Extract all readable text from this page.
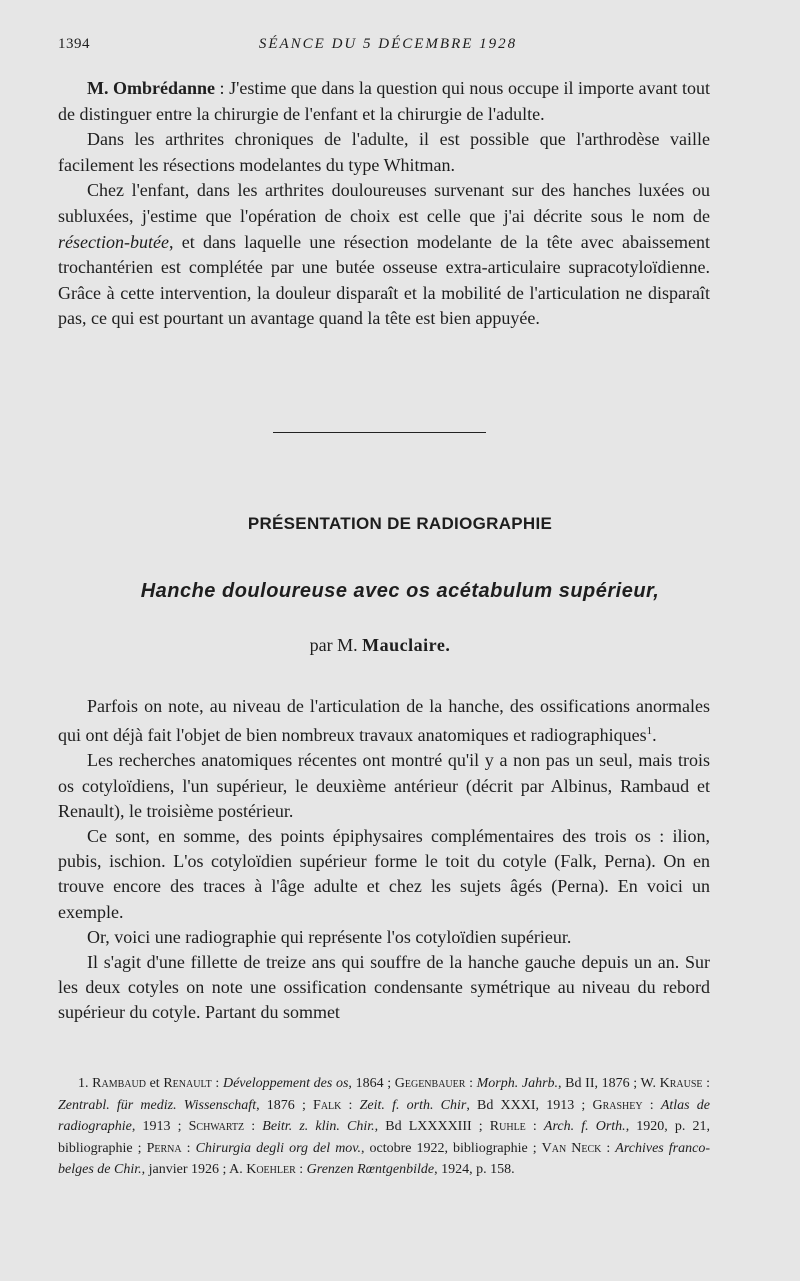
1394	SÉANCE DU 5 DÉCEMBRE 1928

M. Ombrédanne : J'estime que dans la question qui nous occupe il importe avant tout de distinguer entre la chirurgie de l'enfant et la chirurgie de l'adulte.

Dans les arthrites chroniques de l'adulte, il est possible que l'arthrodèse vaille facilement les résections modelantes du type Whitman.

Chez l'enfant, dans les arthrites douloureuses survenant sur des hanches luxées ou subluxées, j'estime que l'opération de choix est celle que j'ai décrite sous le nom de résection-butée, et dans laquelle une résection modelante de la tête avec abaissement trochantérien est complétée par une butée osseuse extra-articulaire supracotyloïdienne. Grâce à cette intervention, la douleur disparaît et la mobilité de l'articulation ne disparaît pas, ce qui est pourtant un avantage quand la tête est bien appuyée.

PRÉSENTATION DE RADIOGRAPHIE
Hanche douloureuse avec os acétabulum supérieur,
par M. Mauclaire.

Parfois on note, au niveau de l'articulation de la hanche, des ossifications anormales qui ont déjà fait l'objet de bien nombreux travaux anatomiques et radiographiques$^1$.

Les recherches anatomiques récentes ont montré qu'il y a non pas un seul, mais trois os cotyloïdiens, l'un supérieur, le deuxième antérieur (décrit par Albinus, Rambaud et Renault), le troisième postérieur.

Ce sont, en somme, des points épiphysaires complémentaires des trois os : ilion, pubis, ischion. L'os cotyloïdien supérieur forme le toit du cotyle (Falk, Perna). On en trouve encore des traces à l'âge adulte et chez les sujets âgés (Perna). En voici un exemple.

Or, voici une radiographie qui représente l'os cotyloïdien supérieur.

Il s'agit d'une fillette de treize ans qui souffre de la hanche gauche depuis un an. Sur les deux cotyles on note une ossification condensante symétrique au niveau du rebord supérieur du cotyle. Partant du sommet

1. Rambaud et Renault : Développement des os, 1864 ; Gegenbauer : Morph. Jahrb., Bd II, 1876 ; W. Krause : Zentrabl. für mediz. Wissenschaft, 1876 ; Falk : Zeit. f. orth. Chir, Bd XXXI, 1913 ; Grashey : Atlas de radiographie, 1913 ; Schwartz : Beitr. z. klin. Chir., Bd LXXXXIII ; Ruhle : Arch. f. Orth., 1920, p. 21, bibliographie ; Perna : Chirurgia degli org del mov., octobre 1922, bibliographie ; Van Neck : Archives franco-belges de Chir., janvier 1926 ; A. Koehler : Grenzen Rœntgenbilde, 1924, p. 158.
